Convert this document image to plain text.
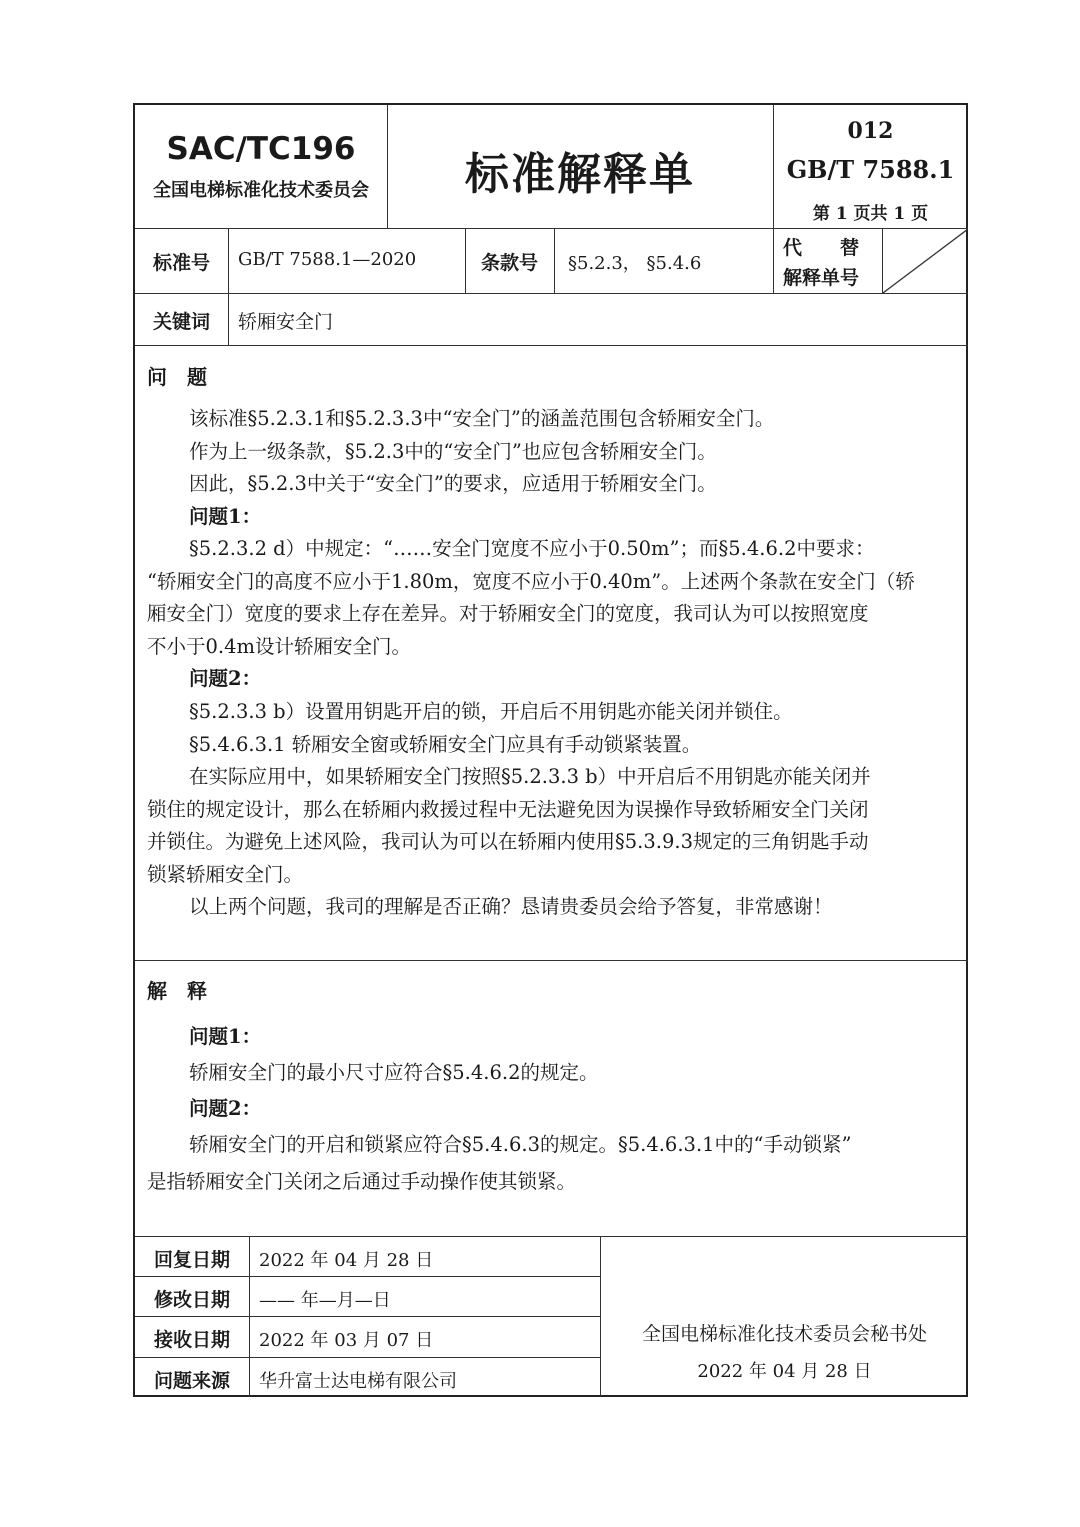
SAC/TC196
全国电梯标准化技术委员会	标准解释单
012
GB/T 7588.1
第 1 页共 1 页
标准号	GB/T 7588.1—2020	条款号	§5.2.3， §5.4.6
代　　替
解释单号
关键词	轿厢安全门
问　题
该标准§5.2.3.1和§5.2.3.3中“安全门”的涵盖范围包含轿厢安全门。
作为上一级条款，§5.2.3中的“安全门”也应包含轿厢安全门。
因此，§5.2.3中关于“安全门”的要求，应适用于轿厢安全门。
问题1：
§5.2.3.2 d）中规定：“……安全门宽度不应小于0.50m”；而§5.4.6.2中要求：
“轿厢安全门的高度不应小于1.80m，宽度不应小于0.40m”。上述两个条款在安全门（轿
厢安全门）宽度的要求上存在差异。对于轿厢安全门的宽度，我司认为可以按照宽度
不小于0.4m设计轿厢安全门。
问题2：
§5.2.3.3 b）设置用钥匙开启的锁，开启后不用钥匙亦能关闭并锁住。
§5.4.6.3.1 轿厢安全窗或轿厢安全门应具有手动锁紧装置。
在实际应用中，如果轿厢安全门按照§5.2.3.3 b）中开启后不用钥匙亦能关闭并
锁住的规定设计，那么在轿厢内救援过程中无法避免因为误操作导致轿厢安全门关闭
并锁住。为避免上述风险，我司认为可以在轿厢内使用§5.3.9.3规定的三角钥匙手动
锁紧轿厢安全门。
以上两个问题，我司的理解是否正确？恳请贵委员会给予答复，非常感谢！
解　释
问题1：
轿厢安全门的最小尺寸应符合§5.4.6.2的规定。
问题2：
轿厢安全门的开启和锁紧应符合§5.4.6.3的规定。§5.4.6.3.1中的“手动锁紧”
是指轿厢安全门关闭之后通过手动操作使其锁紧。
回复日期	2022 年 04 月 28 日
修改日期	—— 年—月—日
接收日期	2022 年 03 月 07 日
问题来源	华升富士达电梯有限公司
全国电梯标准化技术委员会秘书处
2022 年 04 月 28 日
